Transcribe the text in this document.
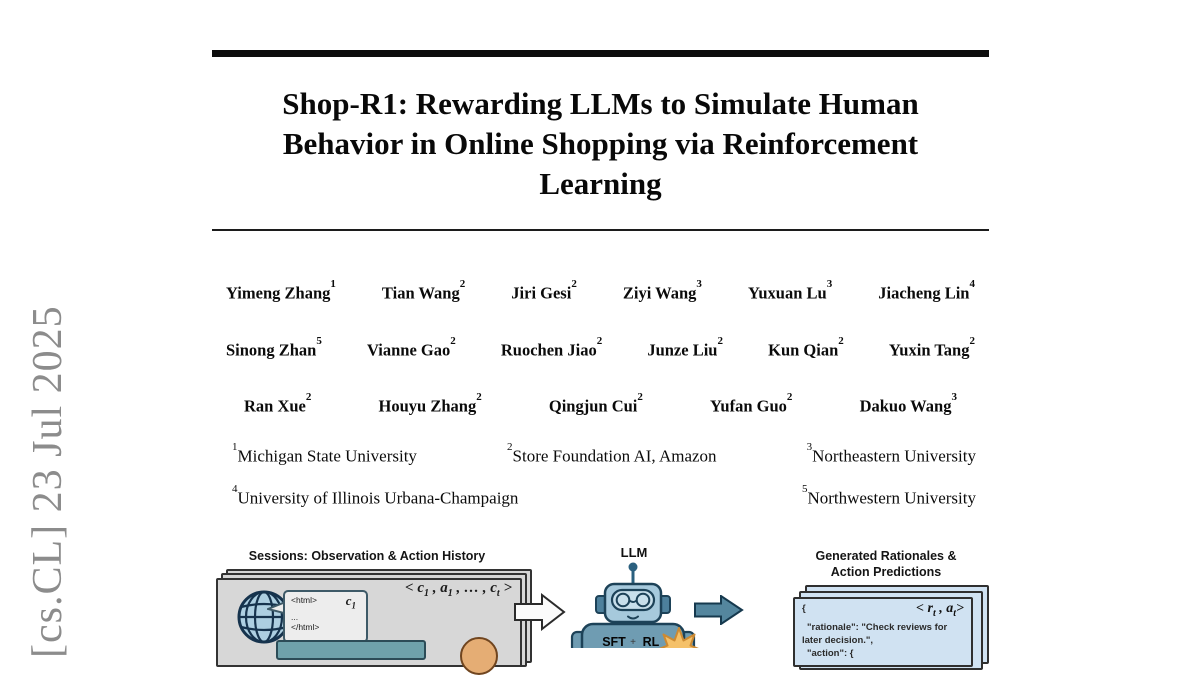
[cs.CL] 23 Jul 2025
Shop-R1: Rewarding LLMs to Simulate Human
Behavior in Online Shopping via Reinforcement
Learning
Yimeng Zhang$^1$	Tian Wang$^2$	Jiri Gesi$^2$	Ziyi Wang$^3$	Yuxuan Lu$^3$	Jiacheng Lin$^4$
Sinong Zhan$^5$	Vianne Gao$^2$	Ruochen Jiao$^2$	Junze Liu$^2$	Kun Qian$^2$	Yuxin Tang$^2$
Ran Xue$^2$	Houyu Zhang$^2$	Qingjun Cui$^2$	Yufan Guo$^2$	Dakuo Wang$^3$
$^1$Michigan State University	$^2$Store Foundation AI, Amazon	$^3$Northeastern University
$^4$University of Illinois Urbana-Champaign	$^5$Northwestern University
Sessions: Observation & Action History
<html> $c_1$
...
</html>
< $c_1$ , $a_1$ , … , $c_t$ >
LLM
SFT + RL
Generated Rationales &
Action Predictions
{	< $r_t$ , $a_t>$
"rationale": "Check reviews for
later decision.",
"action": {
